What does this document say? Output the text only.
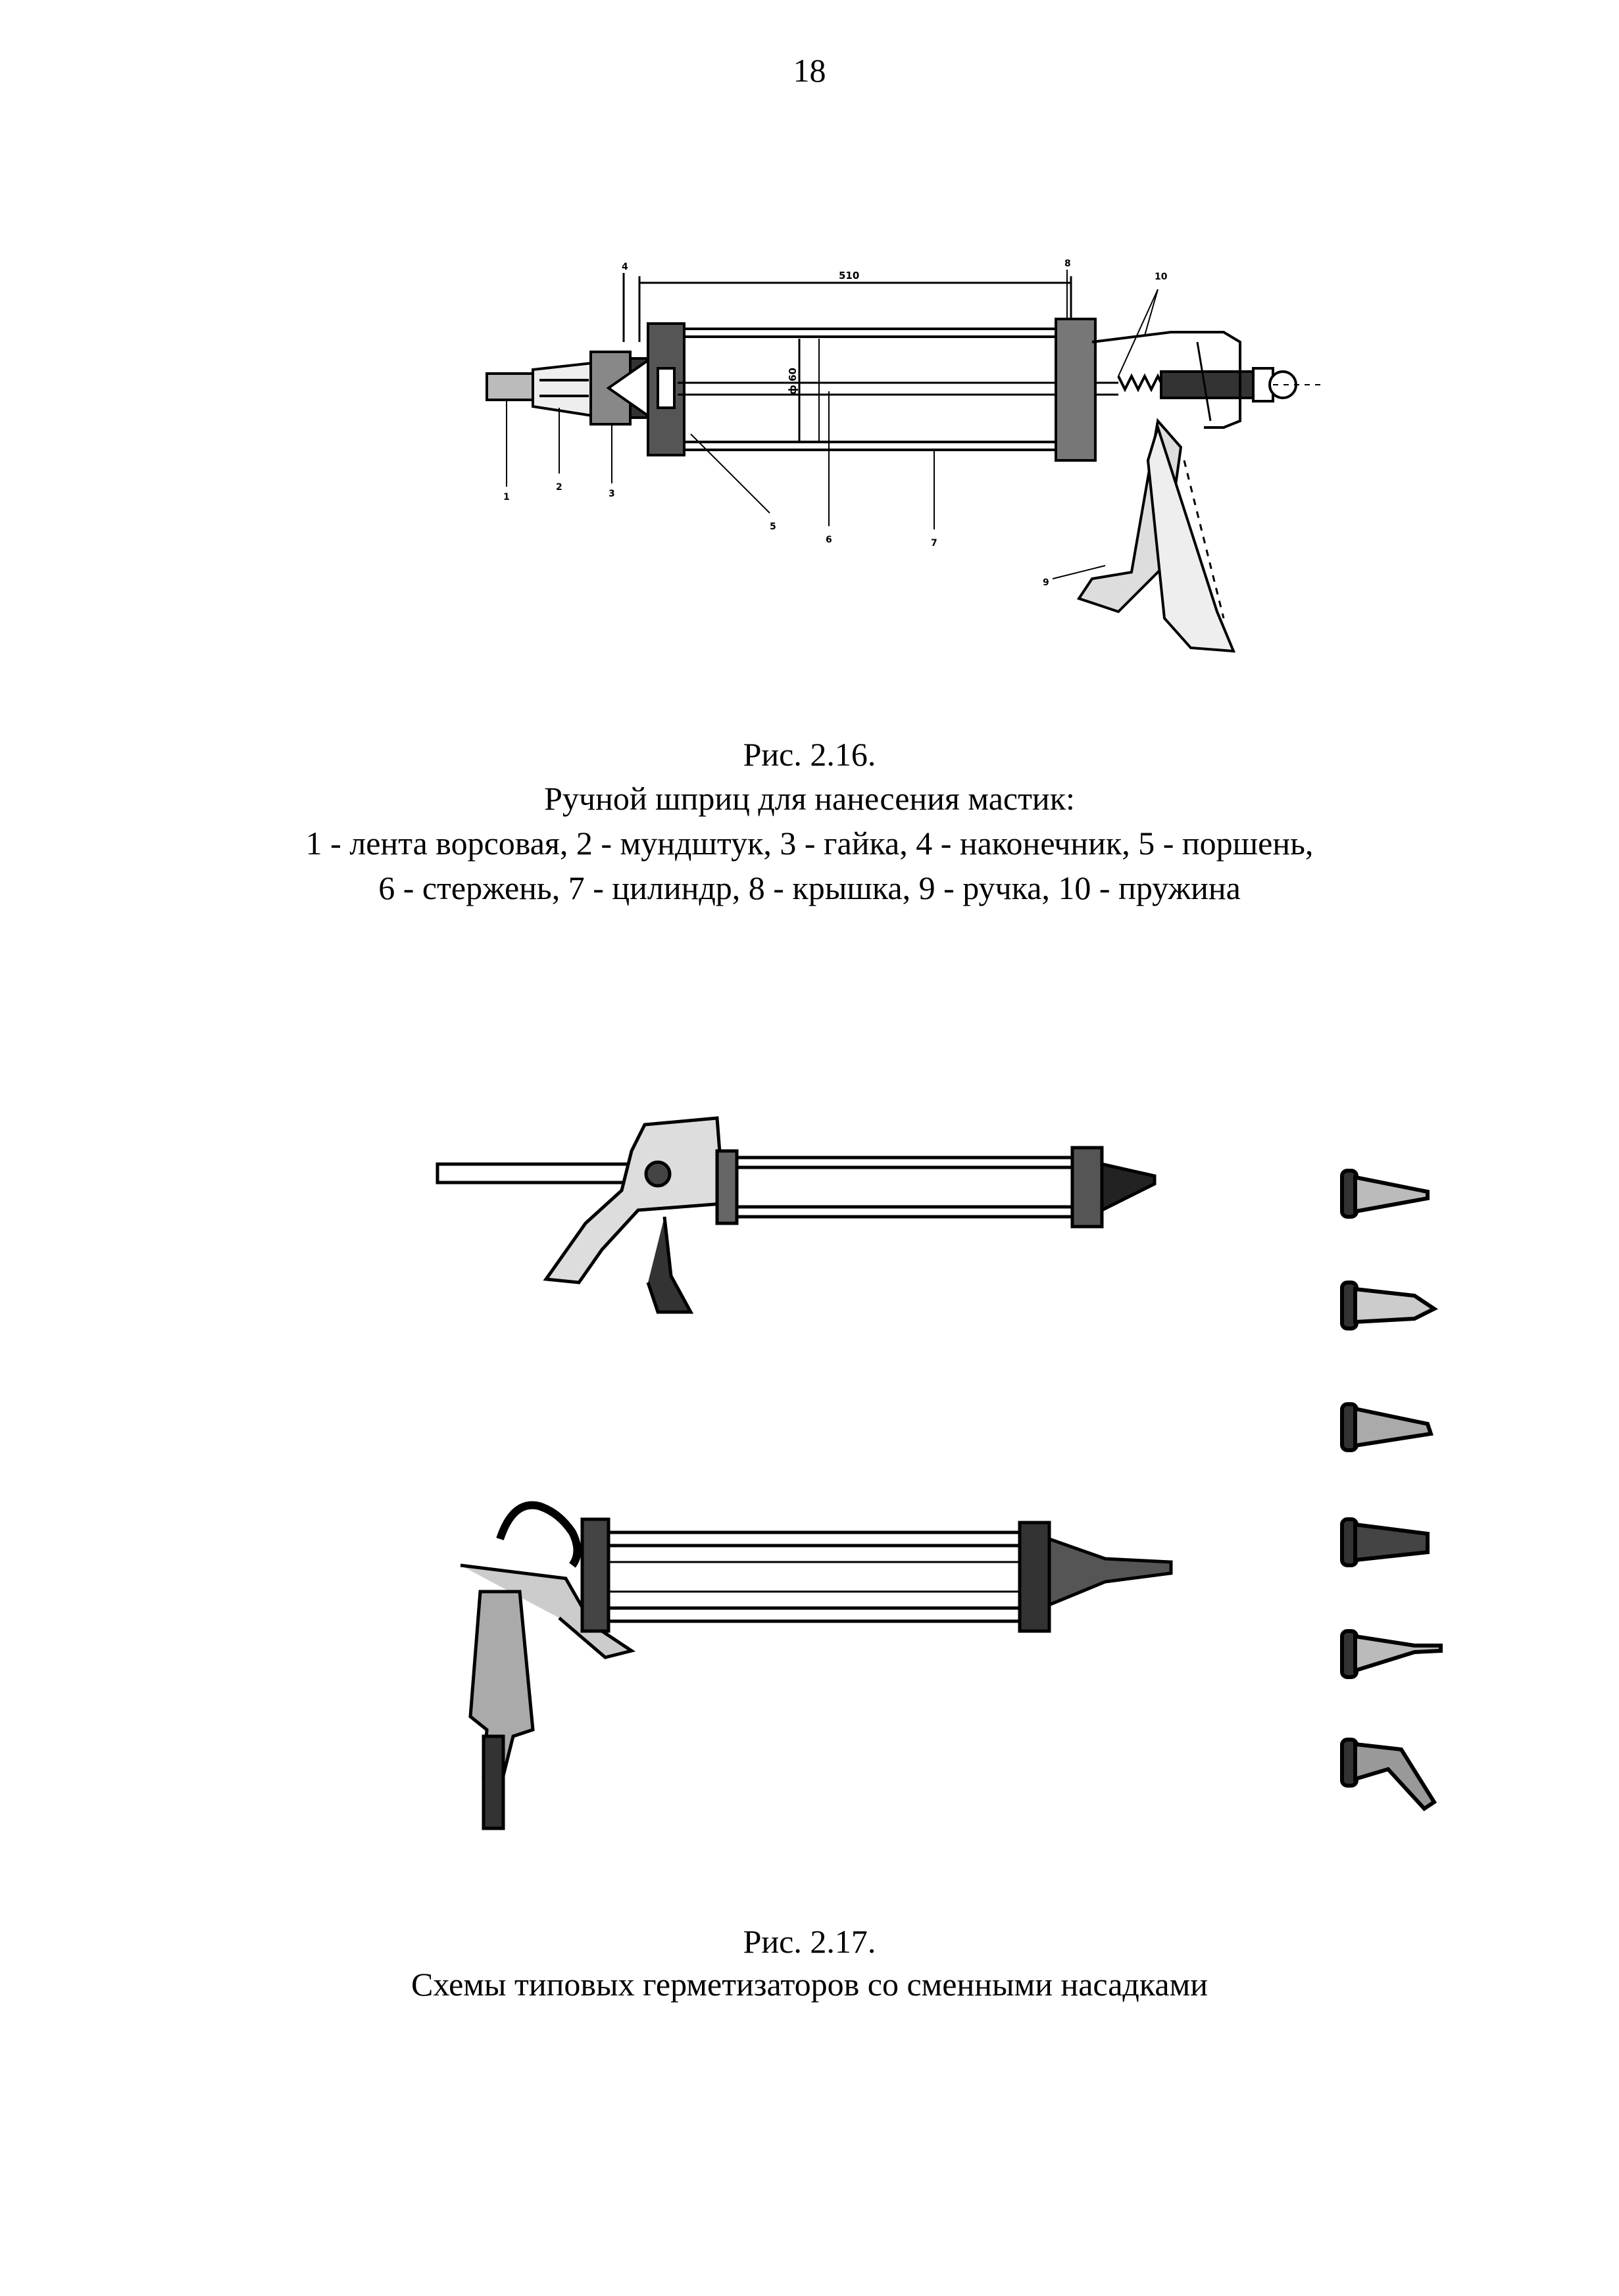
18
510
ф 60
1
2
3
4
5
6	7
8
9
10
Рис. 2.16.
Ручной шприц для нанесения мастик:
1 - лента ворсовая, 2 - мундштук, 3 - гайка, 4 - наконечник, 5 - поршень,
6 - стержень, 7 - цилиндр, 8 - крышка, 9 - ручка, 10 - пружина
Рис. 2.17.
Схемы типовых герметизаторов со сменными насадками
